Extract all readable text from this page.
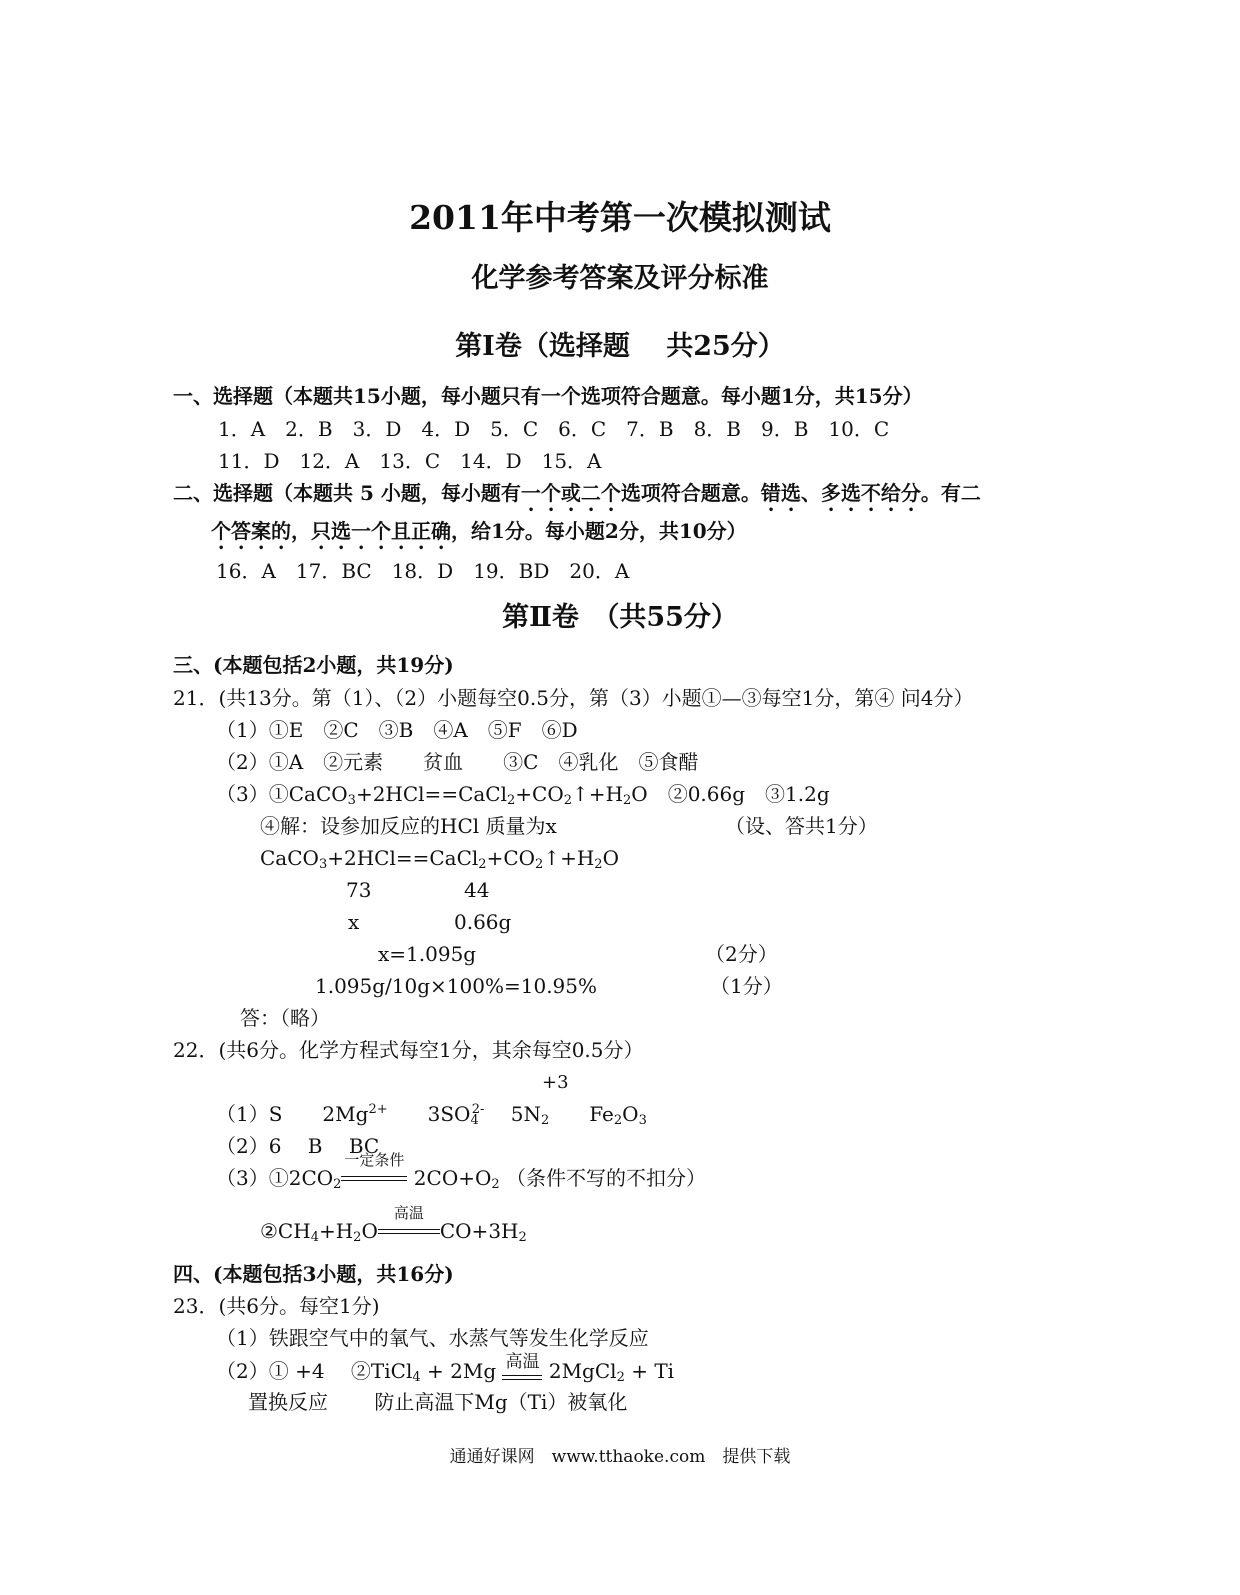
2011年中考第一次模拟测试
化学参考答案及评分标准
第Ⅰ卷（选择题　 共25分）
一、选择题（本题共15小题，每小题只有一个选项符合题意。每小题1分，共15分）
1．A　2．B　3．D　4．D　5．C　6．C　7．B　8．B　9．B　10．C
11．D　12．A　13．C　14．D　15．A
二、选择题（本题共 5 小题，每小题有一个或二个选项符合题意。错选、多选不给分。有二
个答案的，只选一个且正确，给1分。每小题2分，共10分）
16．A　17．BC　18．D　19．BD　20．A
第Ⅱ卷　（共55分）
三、(本题包括2小题，共19分)
21．(共13分。第（1）、（2）小题每空0.5分，第（3）小题①—③每空1分，第④ 问4分）
（1）①E　②C　③B　④A　⑤F　⑥D
（2）①A　②元素　　贫血　　③C　④乳化　⑤食醋
$(3)①CaCO_3+2HCl==CaCl_2+CO_2↑+H_2O$　②0.66g　③1.2g
④解：设参加反应的HCl 质量为x	（设、答共1分）
$CaCO_3+2HCl==CaCl_2+CO_2↑+H_2O$
73	44
x	0.66g
x=1.095g	（2分）
1.095g/10g×100%=10.95%	（1分）
答：（略）
22．(共6分。化学方程式每空1分，其余每空0.5分）
+3
（1）S　　$2Mg^{2+}$　　$3SO_4^{2-}$　 $5N_2$　　$Fe_2O_3$
（2）6　 B　 BC
$(3)①2CO_2$
一定条件
$2CO+O_2$ （条件不写的不扣分）
$②CH_4+H_2O$
高温
$CO+3H_2$
四、(本题包括3小题，共16分)
23．(共6分。每空1分)
（1）铁跟空气中的氧气、水蒸气等发生化学反应
（2）① +4　 ②TiCl$_4$ + 2Mg 高温 2MgCl$_2$ + Ti
置换反应　　 防止高温下Mg（Ti）被氧化
通通好课网　www.tthaoke.com　提供下载
